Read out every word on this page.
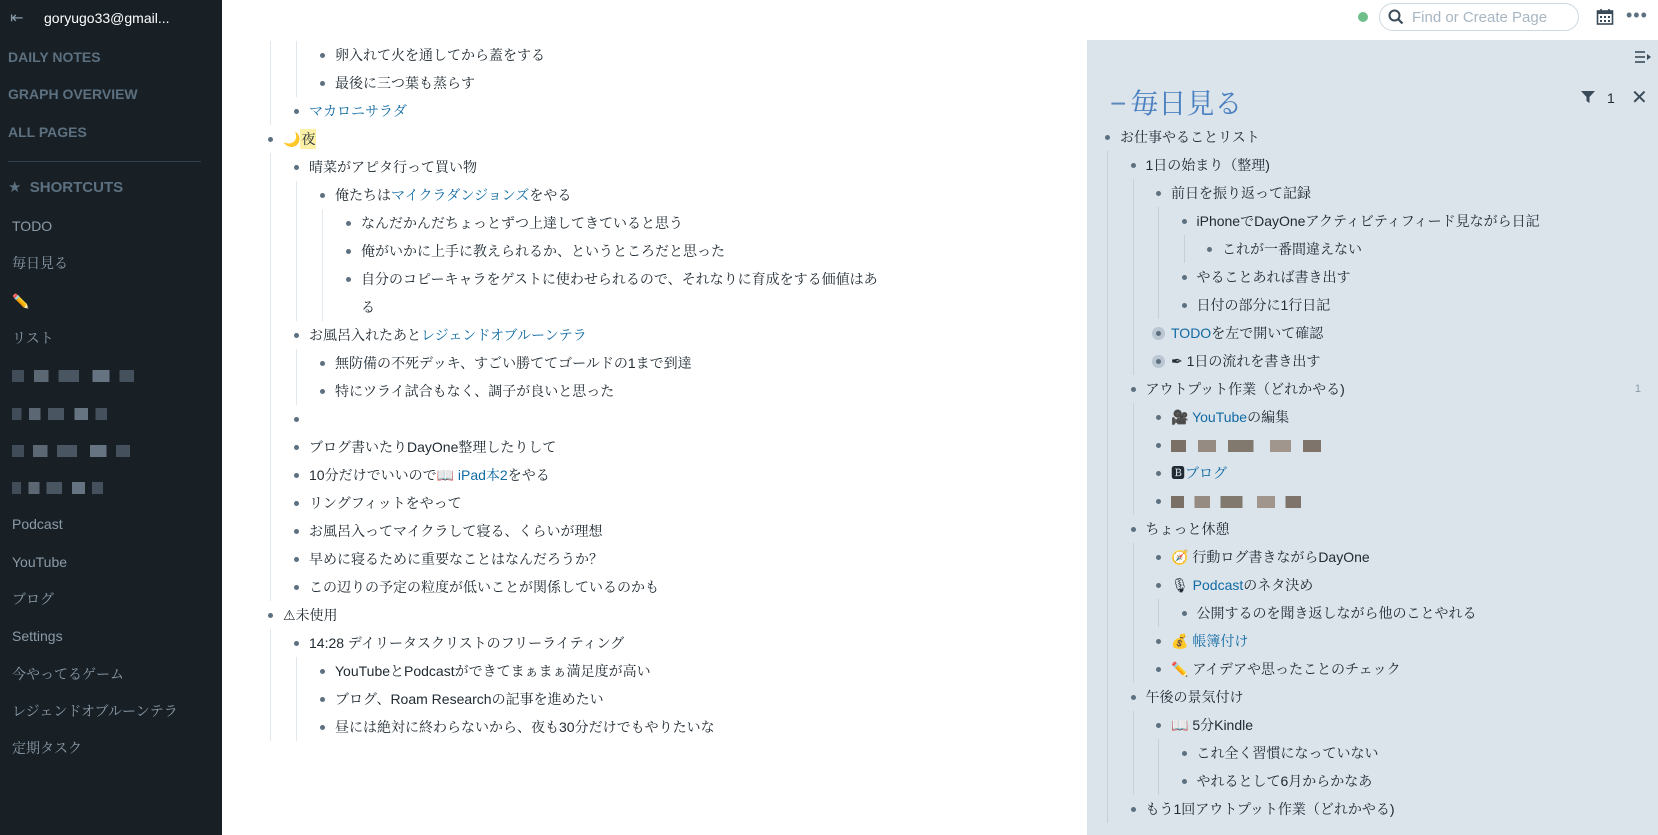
⇤	goryugo33@gmail...
DAILY NOTES
GRAPH OVERVIEW
ALL PAGES
★  SHORTCUTS
TODO
毎日見る
✏️
リスト
Podcast
YouTube
ブログ
Settings
今やってるゲーム
レジェンドオブルーンテラ
定期タスク
Find or Create Page
•••
卵入れて火を通してから蓋をする
最後に三つ葉も蒸らす
マカロニサラダ
🌙夜
晴菜がアピタ行って買い物
俺たちはマイクラダンジョンズをやる
なんだかんだちょっとずつ上達してきていると思う
俺がいかに上手に教えられるか、というところだと思った
自分のコピーキャラをゲストに使わせられるので、それなりに育成をする価値はある
お風呂入れたあとレジェンドオブルーンテラ
無防備の不死デッキ、すごい勝ててゴールドの1まで到達
特にツライ試合もなく、調子が良いと思った
ブログ書いたりDayOne整理したりして
10分だけでいいので📖 iPad本2をやる
リングフィットをやって
お風呂入ってマイクラして寝る、くらいが理想
早めに寝るために重要なことはなんだろうか？
この辺りの予定の粒度が低いことが関係しているのかも
⚠未使用
14:28 デイリータスクリストのフリーライティング
YouTubeとPodcastができてまぁまぁ満足度が高い
ブログ、Roam Researchの記事を進めたい
昼には絶対に終わらないから、夜も30分だけでもやりたいな
− 毎日見る	1 ✕
お仕事やることリスト
1日の始まり（整理)
前日を振り返って記録
iPhoneでDayOneアクティビティフィード見ながら日記
これが一番間違えない
やることあれば書き出す
日付の部分に1行日記
TODOを左で開いて確認
✒ 1日の流れを書き出す
アウトプット作業（どれかやる)	1
🎥 YouTubeの編集
🅱ブログ
ちょっと休憩
🧭 行動ログ書きながらDayOne
🎙 Podcastのネタ決め
公開するのを聞き返しながら他のことやれる
💰 帳簿付け
✏️ アイデアや思ったことのチェック
午後の景気付け
📖 5分Kindle
これ全く習慣になっていない
やれるとして6月からかなあ
もう1回アウトプット作業（どれかやる)
